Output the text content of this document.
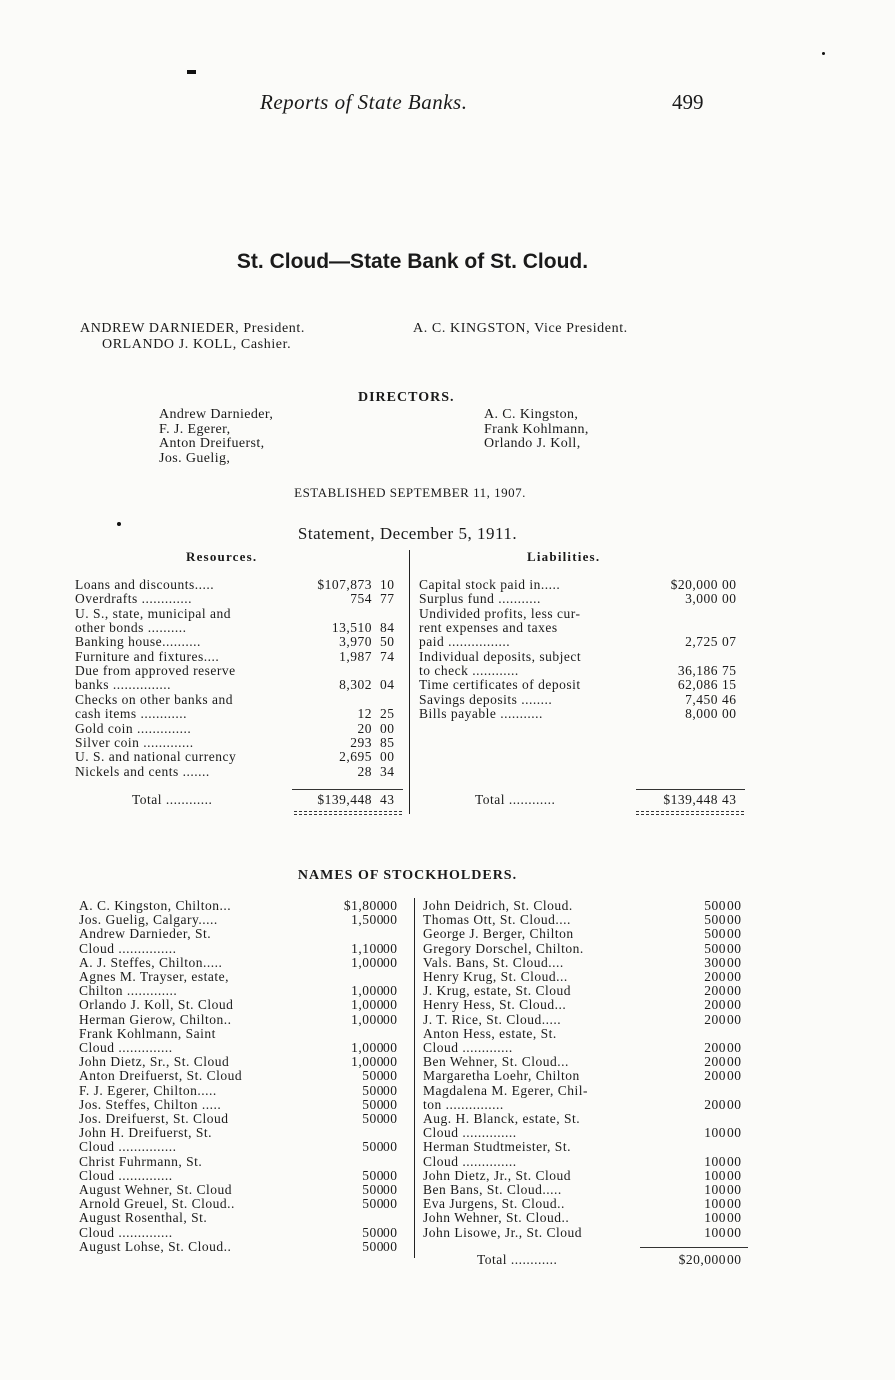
Reports of State Banks.	499
St. Cloud—State Bank of St. Cloud.
ANDREW DARNIEDER, President.	A. C. KINGSTON, Vice President.
ORLANDO J. KOLL, Cashier.
DIRECTORS.
Andrew Darnieder,
F. J. Egerer,
Anton Dreifuerst,
Jos. Guelig,
A. C. Kingston,
Frank Kohlmann,
Orlando J. Koll,
ESTABLISHED SEPTEMBER 11, 1907.
Statement, December 5, 1911.
Resources.	Liabilities.
Loans and discounts.....	$107,873 10
Overdrafts .............	754 77
U. S., state, municipal and
other bonds ..........	13,510 84
Banking house..........	3,970 50
Furniture and fixtures....	1,987 74
Due from approved reserve
banks ...............	8,302 04
Checks on other banks and
cash items ............	12 25
Gold coin ..............	20 00
Silver coin .............	293 85
U. S. and national currency	2,695 00
Nickels and cents .......	28 34
Total ............	$139,448 43
Capital stock paid in.....	$20,000 00
Surplus fund ...........	3,000 00
Undivided profits, less cur-
rent expenses and taxes
paid ................	2,725 07
Individual deposits, subject
to check ............	36,186 75
Time certificates of deposit	62,086 15
Savings deposits ........	7,450 46
Bills payable ...........	8,000 00
Total ............	$139,448 43
NAMES OF STOCKHOLDERS.
A. C. Kingston, Chilton...	$1,800 00
Jos. Guelig, Calgary.....	1,500 00
Andrew Darnieder, St.
Cloud ...............	1,100 00
A. J. Steffes, Chilton.....	1,000 00
Agnes M. Trayser, estate,
Chilton .............	1,000 00
Orlando J. Koll, St. Cloud	1,000 00
Herman Gierow, Chilton..	1,000 00
Frank Kohlmann, Saint
Cloud ..............	1,000 00
John Dietz, Sr., St. Cloud	1,000 00
Anton Dreifuerst, St. Cloud	500 00
F. J. Egerer, Chilton.....	500 00
Jos. Steffes, Chilton .....	500 00
Jos. Dreifuerst, St. Cloud	500 00
John H. Dreifuerst, St.
Cloud ...............	500 00
Christ Fuhrmann, St.
Cloud ..............	500 00
August Wehner, St. Cloud	500 00
Arnold Greuel, St. Cloud..	500 00
August Rosenthal, St.
Cloud ..............	500 00
August Lohse, St. Cloud..	500 00
John Deidrich, St. Cloud.	500 00
Thomas Ott, St. Cloud....	500 00
George J. Berger, Chilton	500 00
Gregory Dorschel, Chilton.	500 00
Vals. Bans, St. Cloud....	300 00
Henry Krug, St. Cloud...	200 00
J. Krug, estate, St. Cloud	200 00
Henry Hess, St. Cloud...	200 00
J. T. Rice, St. Cloud.....	200 00
Anton Hess, estate, St.
Cloud .............	200 00
Ben Wehner, St. Cloud...	200 00
Margaretha Loehr, Chilton	200 00
Magdalena M. Egerer, Chil-
ton ...............	200 00
Aug. H. Blanck, estate, St.
Cloud ..............	100 00
Herman Studtmeister, St.
Cloud ..............	100 00
John Dietz, Jr., St. Cloud	100 00
Ben Bans, St. Cloud.....	100 00
Eva Jurgens, St. Cloud..	100 00
John Wehner, St. Cloud..	100 00
John Lisowe, Jr., St. Cloud	100 00
Total ............	$20,000 00
